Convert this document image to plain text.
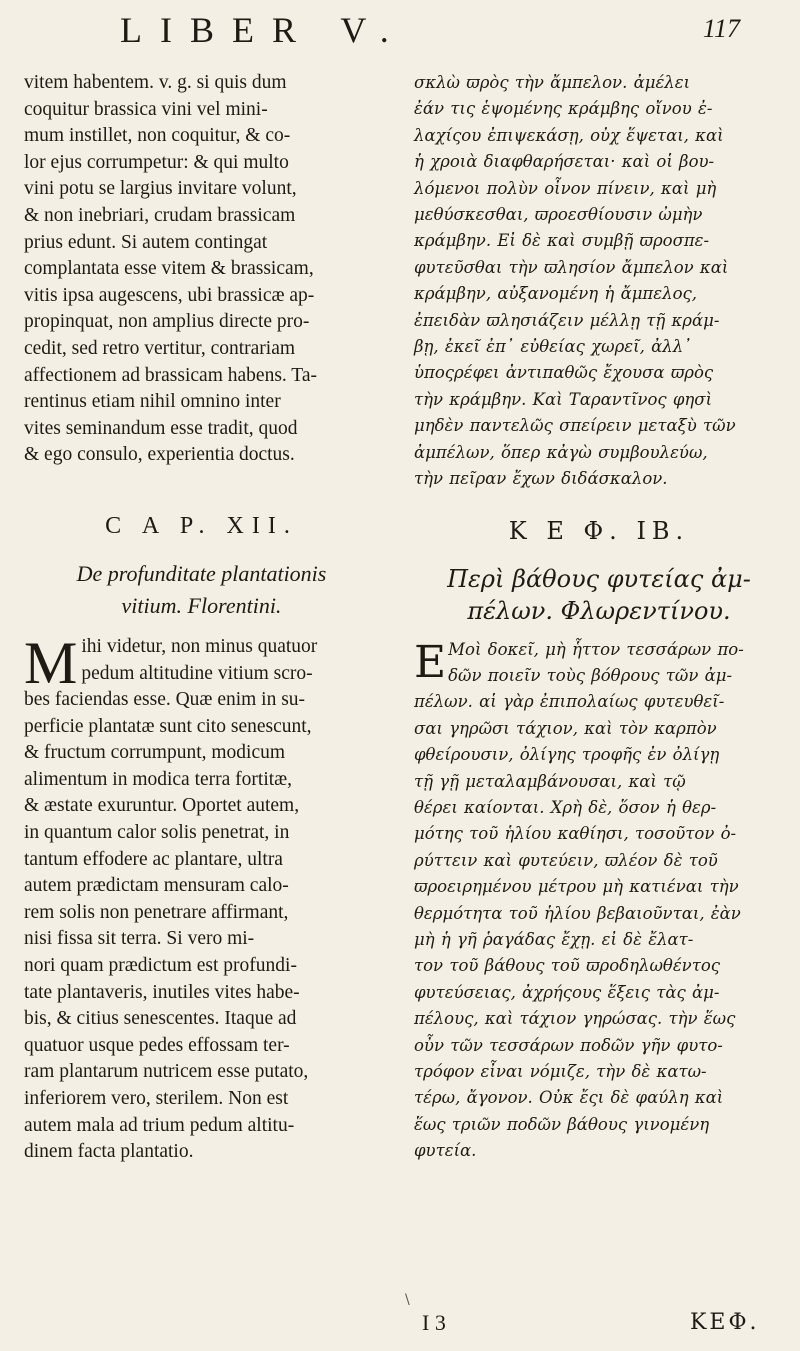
LIBER V.	117

vitem habentem. v. g. si quis dum

coquitur brassica vini vel mini-

mum instillet, non coquitur, & co-

lor ejus corrumpetur: & qui multo

vini potu se largius invitare volunt,

& non inebriari, crudam brassicam

prius edunt. Si autem contingat

complantata esse vitem & brassicam,

vitis ipsa augescens, ubi brassicæ ap-

propinquat, non amplius directe pro-

cedit, sed retro vertitur, contrariam

affectionem ad brassicam habens. Ta-

rentinus etiam nihil omnino inter

vites seminandum esse tradit, quod

& ego consulo, experientia doctus.

C A P. XII.

De profunditate plantationis

vitium. Florentini.

M ihi videtur, non minus quatuor

pedum altitudine vitium scro-

bes faciendas esse. Quæ enim in su-

perficie plantatæ sunt cito senescunt,

& fructum corrumpunt, modicum

alimentum in modica terra fortitæ,

& æstate exuruntur. Oportet autem,

in quantum calor solis penetrat, in

tantum effodere ac plantare, ultra

autem prædictam mensuram calo-

rem solis non penetrare affirmant,

nisi fissa sit terra. Si vero mi-

nori quam prædictum est profundi-

tate plantaveris, inutiles vites habe-

bis, & citius senescentes. Itaque ad

quatuor usque pedes effossam ter-

ram plantarum nutricem esse putato,

inferiorem vero, sterilem. Non est

autem mala ad trium pedum altitu-

dinem facta plantatio.

σκλὼ ϖρὸς τὴν ἄμπελον. ἀμέλει

ἐάν τις ἑψομένης κράμβης οἴνου ἐ-

λαχίςου ἐπιψεκάσῃ, οὐχ ἕψεται, καὶ

ἡ χροιὰ διαφθαρήσεται· καὶ οἱ βου-

λόμενοι πολὺν οἶνον πίνειν, καὶ μὴ

μεθύσκεσθαι, ϖροεσθίουσιν ὠμὴν

κράμβην. Εἰ δὲ καὶ συμβῇ ϖροσπε-

φυτεῦσθαι τὴν ϖλησίον ἄμπελον καὶ

κράμβην, αὐξανομένη ἡ ἄμπελος,

ἐπειδὰν ϖλησιάζειν μέλλῃ τῇ κράμ-

βῃ, ἐκεῖ ἐπ᾽ εὐθείας χωρεῖ, ἀλλ᾽

ὑποςρέφει ἀντιπαθῶς ἔχουσα ϖρὸς

τὴν κράμβην. Καὶ Ταραντῖνος φησὶ

μηδὲν παντελῶς σπείρειν μεταξὺ τῶν

ἀμπέλων, ὅπερ κἀγὼ συμβουλεύω,

τὴν πεῖραν ἔχων διδάσκαλον.

Κ Ε Φ. ΙΒ.

Περὶ βάθους φυτείας ἀμ-

πέλων. Φλωρεντίνου.

Ε Μοὶ δοκεῖ, μὴ ἧττον τεσσάρων πο-

δῶν ποιεῖν τοὺς βόθρους τῶν ἀμ-

πέλων. αἱ γὰρ ἐπιπολαίως φυτευθεῖ-

σαι γηρῶσι τάχιον, καὶ τὸν καρπὸν

φθείρουσιν, ὀλίγης τροφῆς ἐν ὀλίγῃ

τῇ γῇ μεταλαμβάνουσαι, καὶ τῷ

θέρει καίονται. Χρὴ δὲ, ὅσον ἡ θερ-

μότης τοῦ ἡλίου καθίησι, τοσοῦτον ὀ-

ρύττειν καὶ φυτεύειν, ϖλέον δὲ τοῦ

ϖροειρημένου μέτρου μὴ κατιέναι τὴν

θερμότητα τοῦ ἡλίου βεβαιοῦνται, ἐὰν

μὴ ἡ γῆ ῥαγάδας ἔχῃ. εἰ δὲ ἔλατ-

τον τοῦ βάθους τοῦ ϖροδηλωθέντος

φυτεύσειας, ἀχρήςους ἕξεις τὰς ἀμ-

πέλους, καὶ τάχιον γηρώσας. τὴν ἕως

οὖν τῶν τεσσάρων ποδῶν γῆν φυτο-

τρόφον εἶναι νόμιζε, τὴν δὲ κατω-

τέρω, ἄγονον. Οὐκ ἔςι δὲ φαύλη καὶ

ἕως τριῶν ποδῶν βάθους γινομένη

φυτεία.

\
I 3	ΚΕΦ.
